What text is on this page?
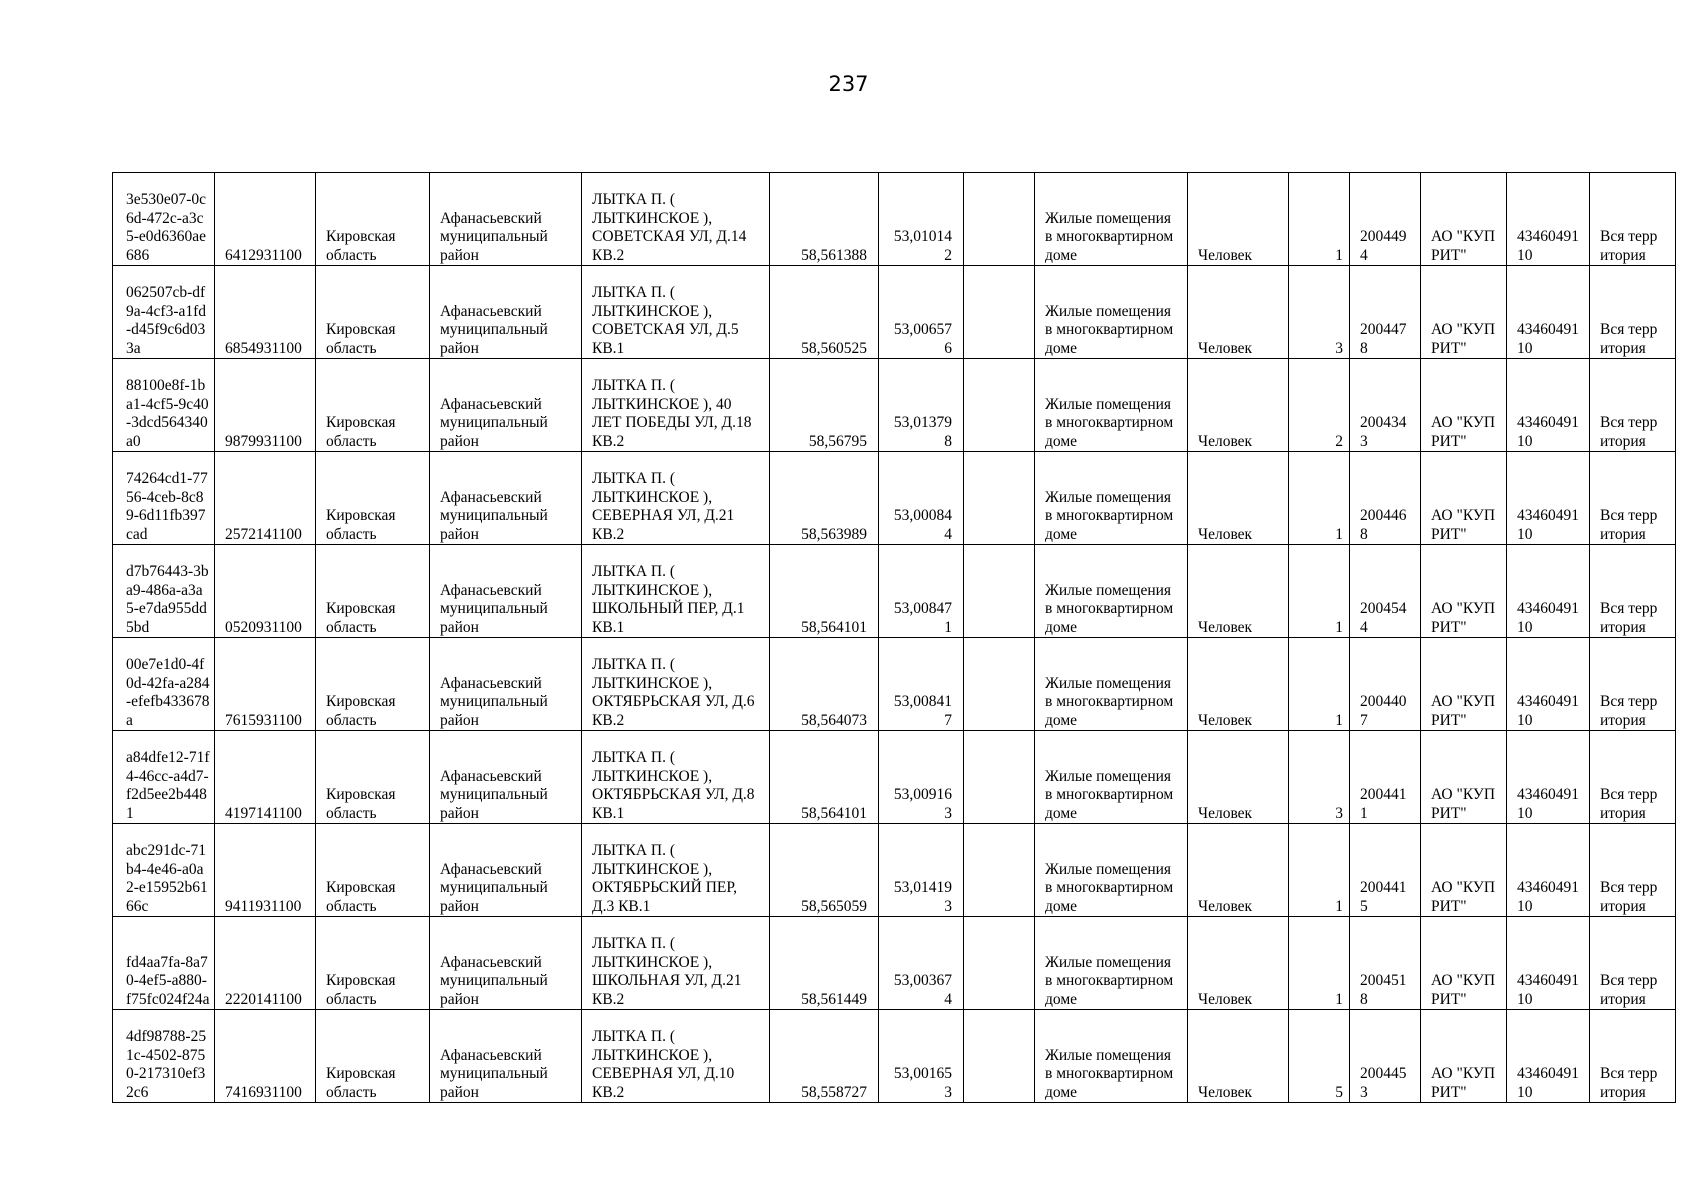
237
3e530e07-0c6d-472c-a3c5-e0d6360ae686	6412931100	Кировская область	Афанасьевский муниципальный район	ЛЫТКА П. ( ЛЫТКИНСКОЕ ), СОВЕТСКАЯ УЛ, Д.14 КВ.2	58,561388	53,010142		Жилые помещения в многоквартирном доме	Человек	1	2004494	АО "КУПРИТ"	4346049110	Вся территория
062507cb-df9a-4cf3-a1fd-d45f9c6d033a	6854931100	Кировская область	Афанасьевский муниципальный район	ЛЫТКА П. ( ЛЫТКИНСКОЕ ), СОВЕТСКАЯ УЛ, Д.5 КВ.1	58,560525	53,006576		Жилые помещения в многоквартирном доме	Человек	3	2004478	АО "КУПРИТ"	4346049110	Вся территория
88100e8f-1ba1-4cf5-9c40-3dcd564340a0	9879931100	Кировская область	Афанасьевский муниципальный район	ЛЫТКА П. ( ЛЫТКИНСКОЕ ), 40 ЛЕТ ПОБЕДЫ УЛ, Д.18 КВ.2	58,56795	53,013798		Жилые помещения в многоквартирном доме	Человек	2	2004343	АО "КУПРИТ"	4346049110	Вся территория
74264cd1-7756-4ceb-8c89-6d11fb397cad	2572141100	Кировская область	Афанасьевский муниципальный район	ЛЫТКА П. ( ЛЫТКИНСКОЕ ), СЕВЕРНАЯ УЛ, Д.21 КВ.2	58,563989	53,000844		Жилые помещения в многоквартирном доме	Человек	1	2004468	АО "КУПРИТ"	4346049110	Вся территория
d7b76443-3ba9-486a-a3a5-e7da955dd5bd	0520931100	Кировская область	Афанасьевский муниципальный район	ЛЫТКА П. ( ЛЫТКИНСКОЕ ), ШКОЛЬНЫЙ ПЕР, Д.1 КВ.1	58,564101	53,008471		Жилые помещения в многоквартирном доме	Человек	1	2004544	АО "КУПРИТ"	4346049110	Вся территория
00e7e1d0-4f0d-42fa-a284-efefb433678a	7615931100	Кировская область	Афанасьевский муниципальный район	ЛЫТКА П. ( ЛЫТКИНСКОЕ ), ОКТЯБРЬСКАЯ УЛ, Д.6 КВ.2	58,564073	53,008417		Жилые помещения в многоквартирном доме	Человек	1	2004407	АО "КУПРИТ"	4346049110	Вся территория
a84dfe12-71f4-46cc-a4d7-f2d5ee2b4481	4197141100	Кировская область	Афанасьевский муниципальный район	ЛЫТКА П. ( ЛЫТКИНСКОЕ ), ОКТЯБРЬСКАЯ УЛ, Д.8 КВ.1	58,564101	53,009163		Жилые помещения в многоквартирном доме	Человек	3	2004411	АО "КУПРИТ"	4346049110	Вся территория
abc291dc-71b4-4e46-a0a2-e15952b6166c	9411931100	Кировская область	Афанасьевский муниципальный район	ЛЫТКА П. ( ЛЫТКИНСКОЕ ), ОКТЯБРЬСКИЙ ПЕР, Д.3 КВ.1	58,565059	53,014193		Жилые помещения в многоквартирном доме	Человек	1	2004415	АО "КУПРИТ"	4346049110	Вся территория
fd4aa7fa-8a70-4ef5-a880-f75fc024f24a	2220141100	Кировская область	Афанасьевский муниципальный район	ЛЫТКА П. ( ЛЫТКИНСКОЕ ), ШКОЛЬНАЯ УЛ, Д.21 КВ.2	58,561449	53,003674		Жилые помещения в многоквартирном доме	Человек	1	2004518	АО "КУПРИТ"	4346049110	Вся территория
4df98788-251c-4502-8750-217310ef32c6	7416931100	Кировская область	Афанасьевский муниципальный район	ЛЫТКА П. ( ЛЫТКИНСКОЕ ), СЕВЕРНАЯ УЛ, Д.10 КВ.2	58,558727	53,001653		Жилые помещения в многоквартирном доме	Человек	5	2004453	АО "КУПРИТ"	4346049110	Вся территория
